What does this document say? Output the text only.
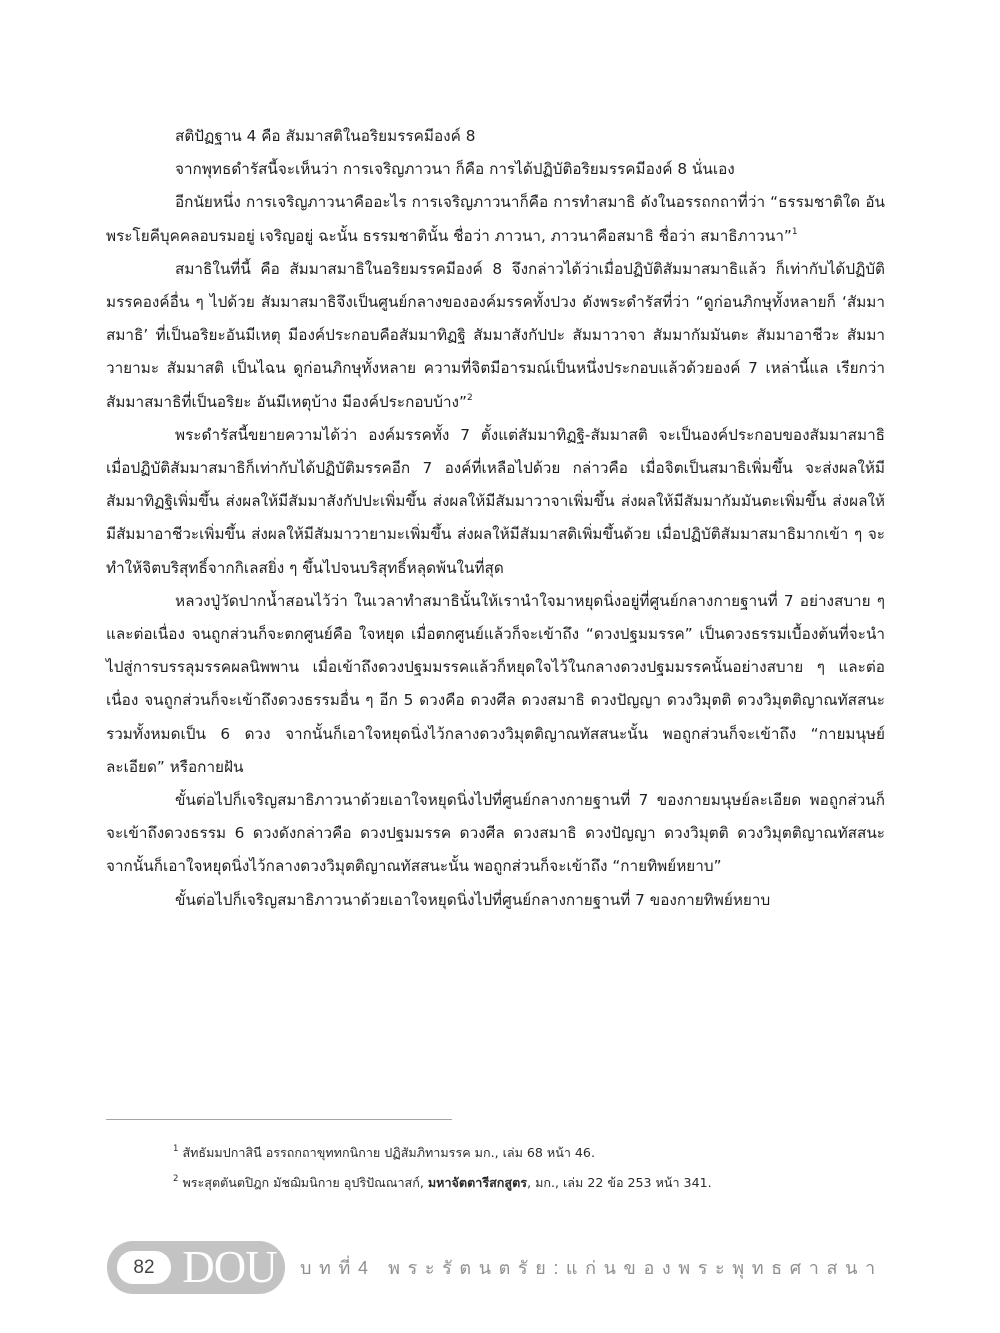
สติปัฏฐาน 4 คือ สัมมาสติในอริยมรรคมีองค์ 8

จากพุทธดำรัสนี้จะเห็นว่า การเจริญภาวนา ก็คือ การได้ปฏิบัติอริยมรรคมีองค์ 8 นั่นเอง

อีกนัยหนึ่ง การเจริญภาวนาคืออะไร การเจริญภาวนาก็คือ การทำสมาธิ ดังในอรรถกถาที่ว่า “ธรรมชาติใด อันพระโยคีบุคคลอบรมอยู่ เจริญอยู่ ฉะนั้น ธรรมชาตินั้น ชื่อว่า ภาวนา, ภาวนาคือสมาธิ ชื่อว่า สมาธิภาวนา”$^1$

สมาธิในที่นี้ คือ สัมมาสมาธิในอริยมรรคมีองค์ 8 จึงกล่าวได้ว่าเมื่อปฏิบัติสัมมาสมาธิแล้ว ก็เท่ากับได้ปฏิบัติมรรคองค์อื่น ๆ ไปด้วย สัมมาสมาธิจึงเป็นศูนย์กลางขององค์มรรคทั้งปวง ดังพระดำรัสที่ว่า “ดูก่อนภิกษุทั้งหลายก็ ‘สัมมาสมาธิ’ ที่เป็นอริยะอันมีเหตุ มีองค์ประกอบคือสัมมาทิฏฐิ สัมมาสังกัปปะ สัมมาวาจา สัมมากัมมันตะ สัมมาอาชีวะ สัมมาวายามะ สัมมาสติ เป็นไฉน ดูก่อนภิกษุทั้งหลาย ความที่จิตมีอารมณ์เป็นหนึ่งประกอบแล้วด้วยองค์ 7 เหล่านี้แล เรียกว่า สัมมาสมาธิที่เป็นอริยะ อันมีเหตุบ้าง มีองค์ประกอบบ้าง”$^2$

พระดำรัสนี้ขยายความได้ว่า องค์มรรคทั้ง 7 ตั้งแต่สัมมาทิฏฐิ-สัมมาสติ จะเป็นองค์ประกอบของสัมมาสมาธิ เมื่อปฏิบัติสัมมาสมาธิก็เท่ากับได้ปฏิบัติมรรคอีก 7 องค์ที่เหลือไปด้วย กล่าวคือ เมื่อจิตเป็นสมาธิเพิ่มขึ้น จะส่งผลให้มีสัมมาทิฏฐิเพิ่มขึ้น ส่งผลให้มีสัมมาสังกัปปะเพิ่มขึ้น ส่งผลให้มีสัมมาวาจาเพิ่มขึ้น ส่งผลให้มีสัมมากัมมันตะเพิ่มขึ้น ส่งผลให้มีสัมมาอาชีวะเพิ่มขึ้น ส่งผลให้มีสัมมาวายามะเพิ่มขึ้น ส่งผลให้มีสัมมาสติเพิ่มขึ้นด้วย เมื่อปฏิบัติสัมมาสมาธิมากเข้า ๆ จะทำให้จิตบริสุทธิ์จากกิเลสยิ่ง ๆ ขึ้นไปจนบริสุทธิ์หลุดพ้นในที่สุด

หลวงปู่วัดปากน้ำสอนไว้ว่า ในเวลาทำสมาธินั้นให้เรานำใจมาหยุดนิ่งอยู่ที่ศูนย์กลางกายฐานที่ 7 อย่างสบาย ๆ และต่อเนื่อง จนถูกส่วนก็จะตกศูนย์คือ ใจหยุด เมื่อตกศูนย์แล้วก็จะเข้าถึง “ดวงปฐมมรรค” เป็นดวงธรรมเบื้องต้นที่จะนำไปสู่การบรรลุมรรคผลนิพพาน เมื่อเข้าถึงดวงปฐมมรรคแล้วก็หยุดใจไว้ในกลางดวงปฐมมรรคนั้นอย่างสบาย ๆ และต่อเนื่อง จนถูกส่วนก็จะเข้าถึงดวงธรรมอื่น ๆ อีก 5 ดวงคือ ดวงศีล ดวงสมาธิ ดวงปัญญา ดวงวิมุตติ ดวงวิมุตติญาณทัสสนะ รวมทั้งหมดเป็น 6 ดวง จากนั้นก็เอาใจหยุดนิ่งไว้กลางดวงวิมุตติญาณทัสสนะนั้น พอถูกส่วนก็จะเข้าถึง “กายมนุษย์ละเอียด” หรือกายฝัน

ขั้นต่อไปก็เจริญสมาธิภาวนาด้วยเอาใจหยุดนิ่งไปที่ศูนย์กลางกายฐานที่ 7 ของกายมนุษย์ละเอียด พอถูกส่วนก็จะเข้าถึงดวงธรรม 6 ดวงดังกล่าวคือ ดวงปฐมมรรค ดวงศีล ดวงสมาธิ ดวงปัญญา ดวงวิมุตติ ดวงวิมุตติญาณทัสสนะ จากนั้นก็เอาใจหยุดนิ่งไว้กลางดวงวิมุตติญาณทัสสนะนั้น พอถูกส่วนก็จะเข้าถึง “กายทิพย์หยาบ”

ขั้นต่อไปก็เจริญสมาธิภาวนาด้วยเอาใจหยุดนิ่งไปที่ศูนย์กลางกายฐานที่ 7 ของกายทิพย์หยาบ

$^1$ สัทธัมมปกาสินี อรรถกถาขุททกนิกาย ปฏิสัมภิทามรรค มก., เล่ม 68 หน้า 46.

$^2$ พระสุตตันตปิฎก มัชฌิมนิกาย อุปริปัณณาสก์, มหาจัตตารีสกสูตร, มก., เล่ม 22 ข้อ 253 หน้า 341.

82 DOU บทที่4 พระรัตนตรัย:แก่นของพระพุทธศาสนา
